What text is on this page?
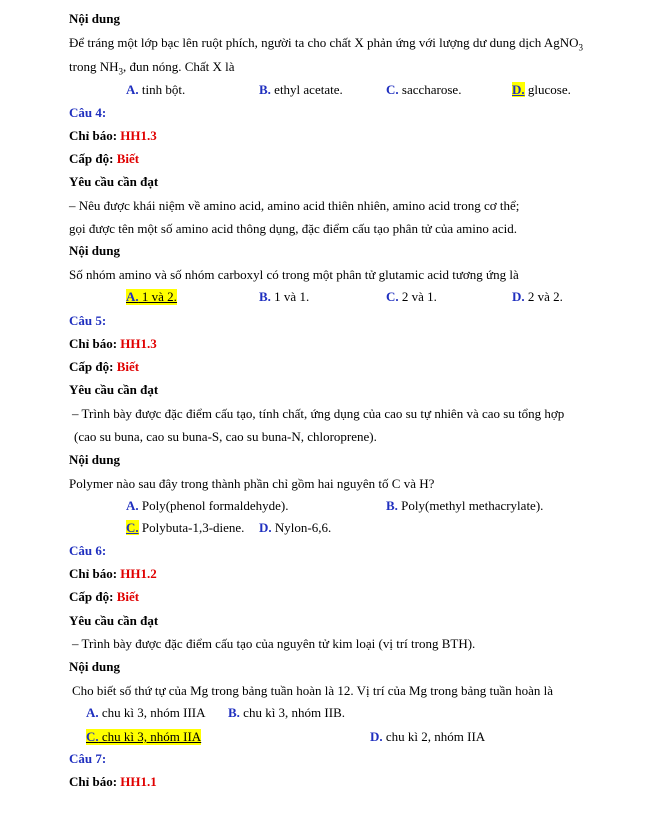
Nội dung
Để tráng một lớp bạc lên ruột phích, người ta cho chất X phản ứng với lượng dư dung dịch AgNO$_3$
trong $NH_3$, đun nóng. Chất X là
A. tinh bột.	B. ethyl acetate.	C. saccharose.	D. glucose.
Câu 4:
Chỉ báo: HH1.3
Cấp độ: Biết
Yêu cầu cần đạt
– Nêu được khái niệm về amino acid, amino acid thiên nhiên, amino acid trong cơ thể;
gọi được tên một số amino acid thông dụng, đặc điểm cấu tạo phân tử của amino acid.
Nội dung
Số nhóm amino và số nhóm carboxyl có trong một phân tử glutamic acid tương ứng là
A. 1 và 2.	B. 1 và 1.	C. 2 và 1.	D. 2 và 2.
Câu 5:
Chỉ báo: HH1.3
Cấp độ: Biết
Yêu cầu cần đạt
– Trình bày được đặc điểm cấu tạo, tính chất, ứng dụng của cao su tự nhiên và cao su tổng hợp
(cao su buna, cao su buna-S, cao su buna-N, chloroprene).
Nội dung
Polymer nào sau đây trong thành phần chỉ gồm hai nguyên tố C và H?
A. Poly(phenol formaldehyde).	B. Poly(methyl methacrylate).
C. Polybuta-1,3-diene. D. Nylon-6,6.
Câu 6:
Chỉ báo: HH1.2
Cấp độ: Biết
Yêu cầu cần đạt
– Trình bày được đặc điểm cấu tạo của nguyên tử kim loại (vị trí trong BTH).
Nội dung
Cho biết số thứ tự của Mg trong bảng tuần hoàn là 12. Vị trí của Mg trong bảng tuần hoàn là
A. chu kì 3, nhóm IIIA B. chu kì 3, nhóm IIB.
C. chu kì 3, nhóm IIA	D. chu kì 2, nhóm IIA
Câu 7:
Chỉ báo: HH1.1
